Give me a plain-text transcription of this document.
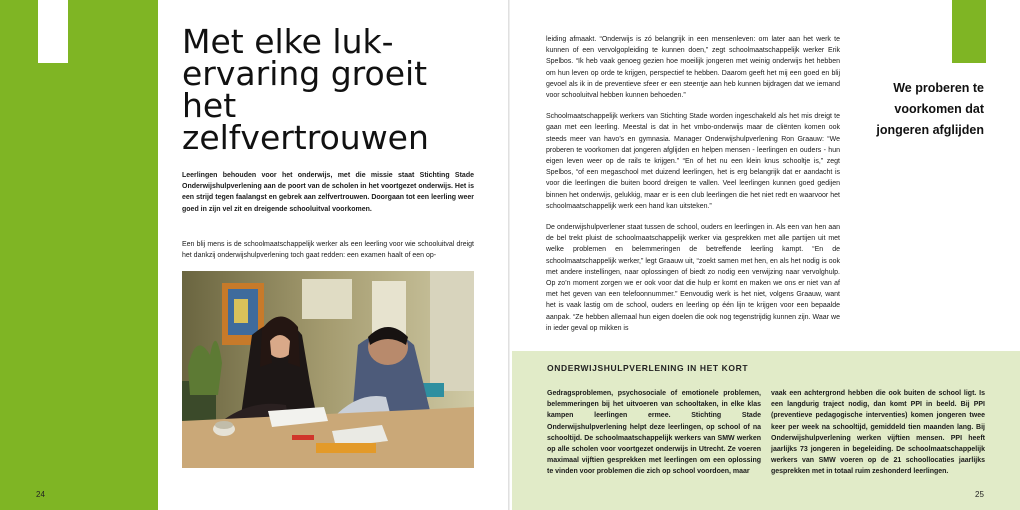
Met elke luk-ervaring groeit het zelfvertrouwen

Leerlingen behouden voor het onderwijs, met die missie staat Stichting Stade Onderwijshulpverlening aan de poort van de scholen in het voortgezet onderwijs. Het is een strijd tegen faalangst en gebrek aan zelfvertrouwen. Doorgaan tot een leerling weer goed in zijn vel zit en dreigende schooluitval voorkomen.

Een blij mens is de schoolmaatschappelijk werker als een leerling voor wie schooluitval dreigt het dankzij onderwijshulpverlening toch gaat redden: een examen haalt of een op-

24

leiding afmaakt. “Onderwijs is zó belangrijk in een mensenleven: om later aan het werk te kunnen of een vervolgopleiding te kunnen doen,” zegt schoolmaatschappelijk werker Erik Spelbos. “Ik heb vaak genoeg gezien hoe moeilijk jongeren met weinig onderwijs het hebben om hun leven op orde te krijgen, perspectief te hebben. Daarom geeft het mij een goed en blij gevoel als ik in de preventieve sfeer er een steentje aan heb kunnen bijdragen dat we iemand voor schooluitval hebben kunnen behoeden.”

Schoolmaatschappelijk werkers van Stichting Stade worden ingeschakeld als het mis dreigt te gaan met een leerling. Meestal is dat in het vmbo-onderwijs maar de cliënten komen ook steeds meer van havo’s en gymnasia. Manager Onderwijshulpverlening Ron Graauw: “We proberen te voorkomen dat jongeren afglijden en helpen mensen - leerlingen en ouders - hun eigen leven weer op de rails te krijgen.” “En of het nu een klein knus schooltje is,” zegt Spelbos, “of een megaschool met duizend leerlingen, het is erg belangrijk dat er aandacht is voor die leerlingen die buiten boord dreigen te vallen. Veel leerlingen kunnen goed gedijen binnen het onderwijs, gelukkig, maar er is een club leerlingen die het niet redt en waarvoor het schoolmaatschappelijk werk een hand kan uitsteken.”

De onderwijshulpverlener staat tussen de school, ouders en leerlingen in. Als een van hen aan de bel trekt pluist de schoolmaatschappelijk werker via gesprekken met alle partijen uit met welke problemen en belemmeringen de betreffende leerling kampt. “En de schoolmaatschappelijk werker,” legt Graauw uit, “zoekt samen met hen, en als het nodig is ook met andere instellingen, naar oplossingen of biedt zo nodig een verwijzing naar vervolghulp. Op zo’n moment zorgen we er ook voor dat die hulp er komt en maken we ons er niet van af met het geven van een telefoonnummer.” Eenvoudig werk is het niet, volgens Graauw, want het is vaak lastig om de school, ouders en leerling op één lijn te krijgen voor een bepaalde aanpak. “Ze hebben allemaal hun eigen doelen die ook nog tegenstrijdig kunnen zijn. Waar we in ieder geval op mikken is

We proberen te voorkomen dat jongeren afglijden

ONDERWIJSHULPVERLENING IN HET KORT

Gedragsproblemen, psychosociale of emotionele problemen, belemmeringen bij het uitvoeren van schooltaken, in elke klas kampen leerlingen ermee. Stichting Stade Onderwijshulpverlening helpt deze leerlingen, op school of na schooltijd. De schoolmaatschappelijk werkers van SMW werken op alle scholen voor voortgezet onderwijs in Utrecht. Ze voeren maximaal vijftien gesprekken met leerlingen om een oplossing te vinden voor problemen die zich op school voordoen, maar

vaak een achtergrond hebben die ook buiten de school ligt. Is een langdurig traject nodig, dan komt PPI in beeld. Bij PPI (preventieve pedagogische interventies) komen jongeren twee keer per week na schooltijd, gemiddeld tien maanden lang. Bij Onderwijshulpverlening werken vijftien mensen. PPI heeft jaarlijks 73 jongeren in begeleiding. De schoolmaatschappelijk werkers van SMW voeren op de 21 schoollocaties jaarlijks gesprekken met in totaal ruim zeshonderd leerlingen.

25
